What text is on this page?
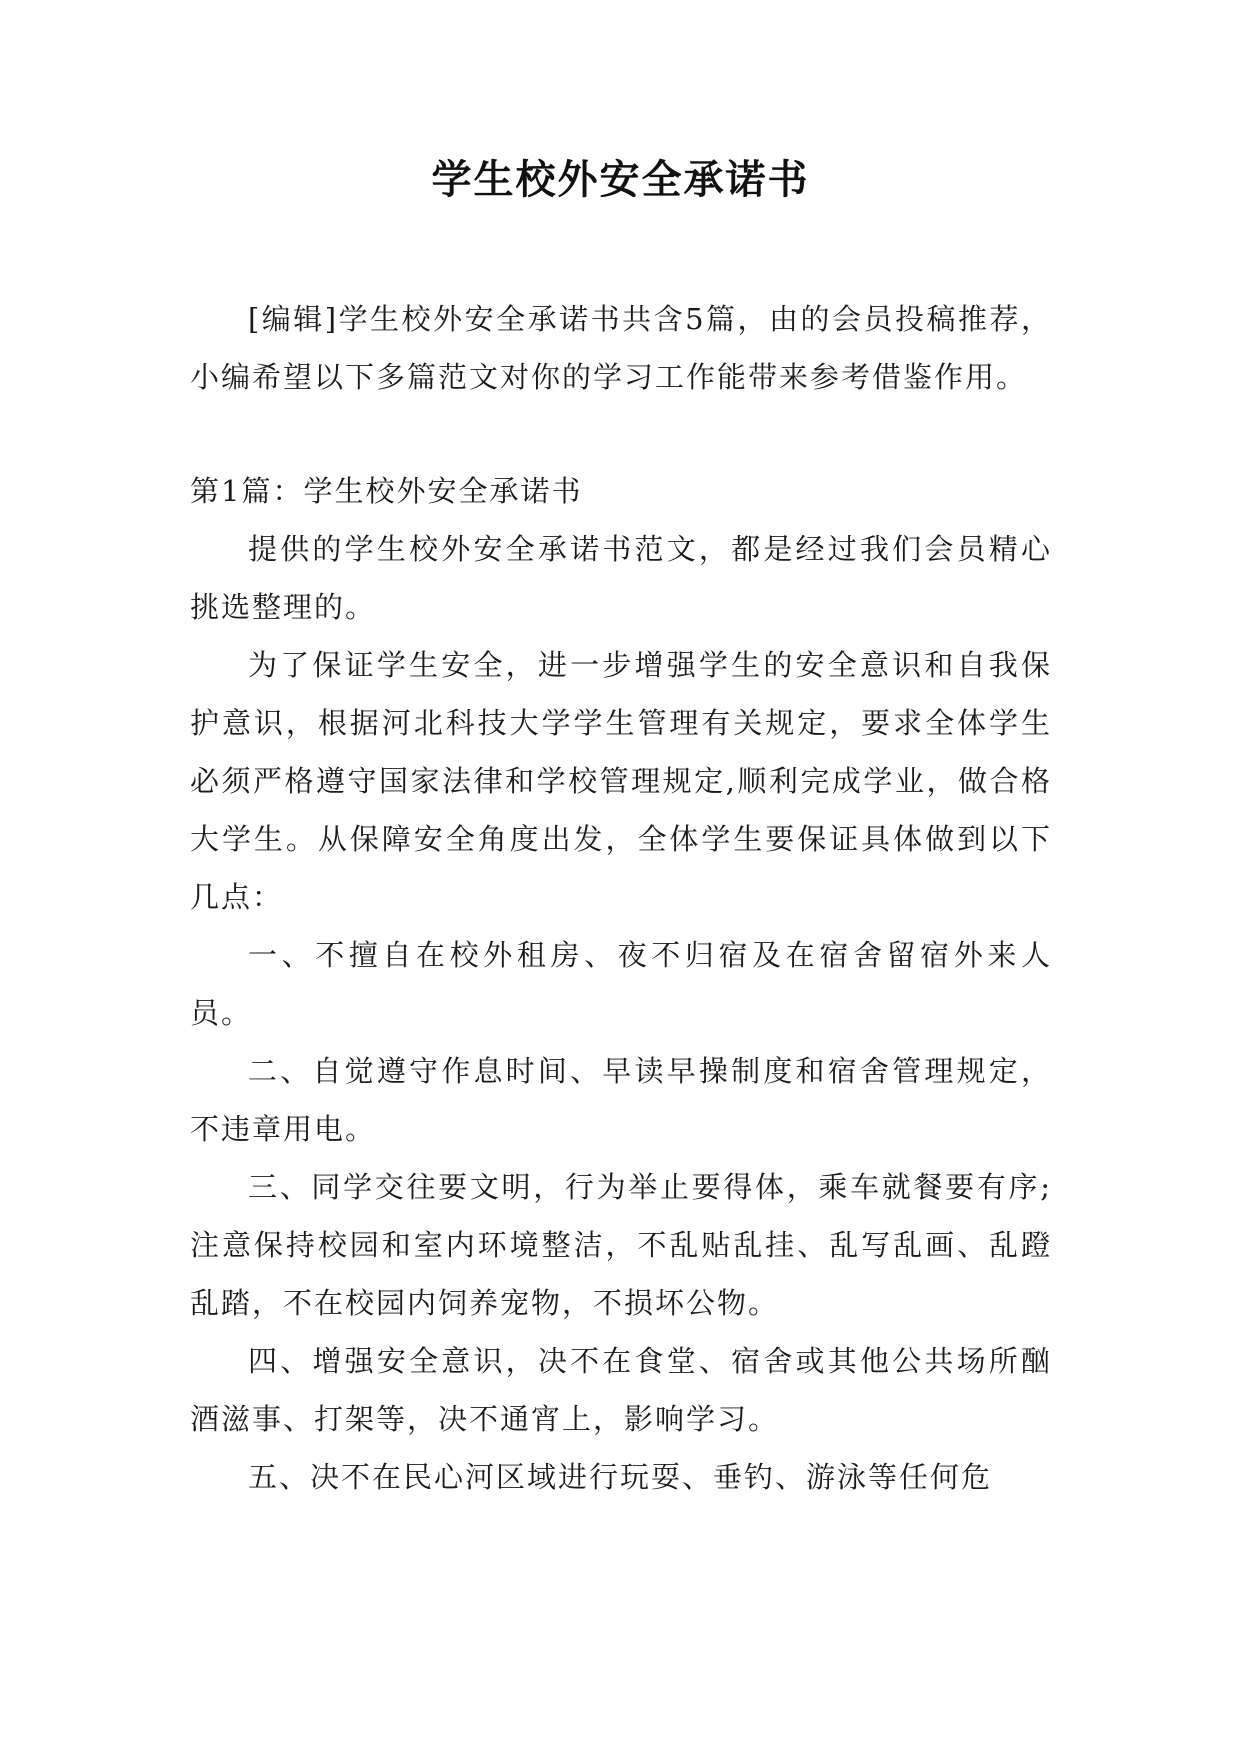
学生校外安全承诺书

[编辑]学生校外安全承诺书共含5篇，由的会员投稿推荐，小编希望以下多篇范文对你的学习工作能带来参考借鉴作用。

第1篇：学生校外安全承诺书

提供的学生校外安全承诺书范文，都是经过我们会员精心挑选整理的。

为了保证学生安全，进一步增强学生的安全意识和自我保护意识，根据河北科技大学学生管理有关规定，要求全体学生必须严格遵守国家法律和学校管理规定,顺利完成学业，做合格大学生。从保障安全角度出发，全体学生要保证具体做到以下几点：

一、不擅自在校外租房、夜不归宿及在宿舍留宿外来人员。

二、自觉遵守作息时间、早读早操制度和宿舍管理规定，不违章用电。

三、同学交往要文明，行为举止要得体，乘车就餐要有序;注意保持校园和室内环境整洁，不乱贴乱挂、乱写乱画、乱蹬乱踏，不在校园内饲养宠物，不损坏公物。

四、增强安全意识，决不在食堂、宿舍或其他公共场所酗酒滋事、打架等，决不通宵上，影响学习。

五、决不在民心河区域进行玩耍、垂钓、游泳等任何危
